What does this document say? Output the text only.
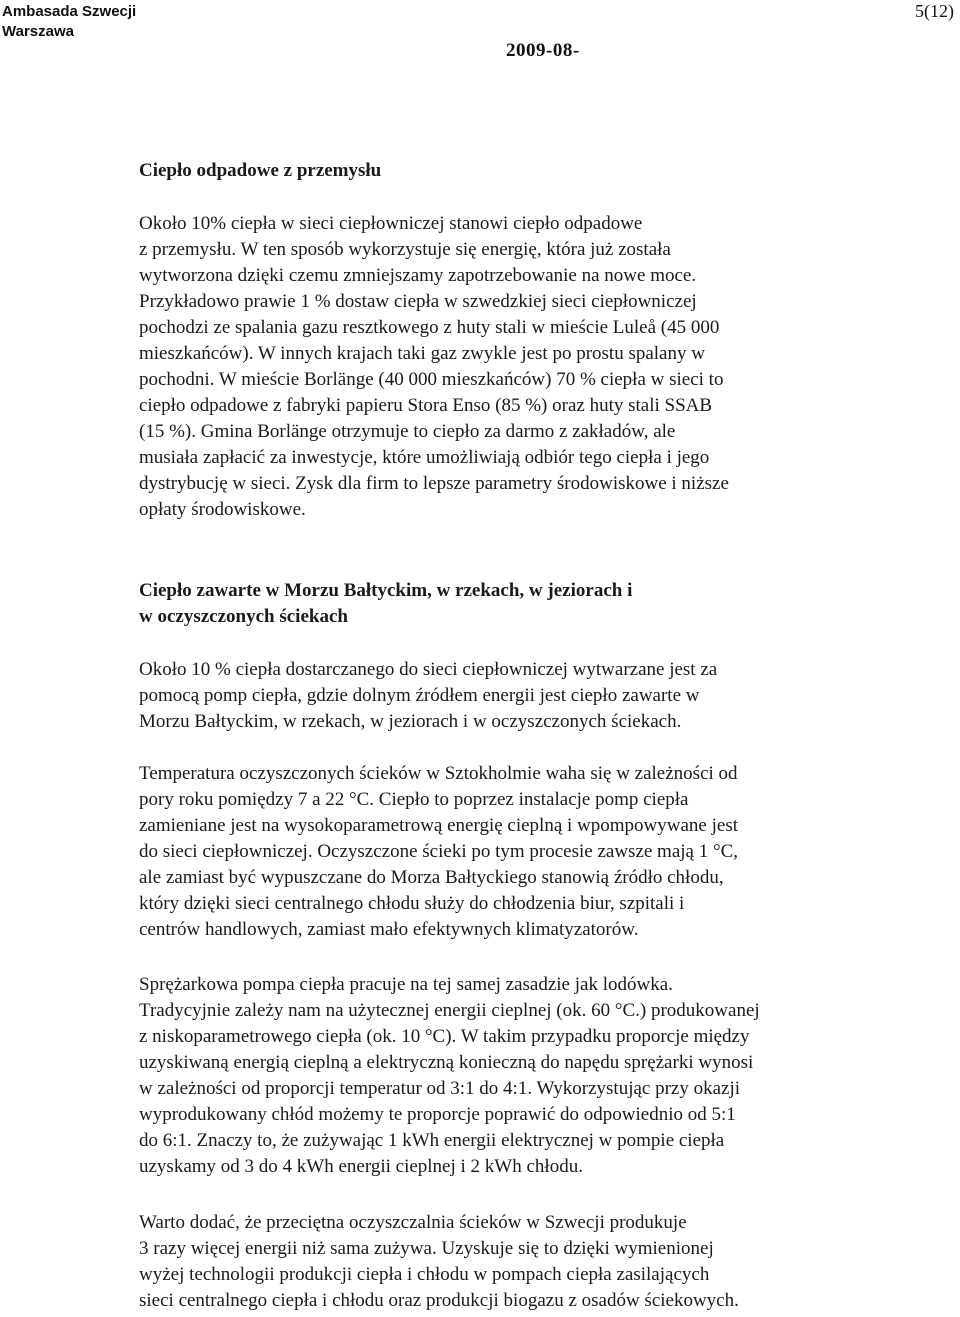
Ambasada Szwecji
Warszawa
5(12)
2009-08-
Ciepło odpadowe z przemysłu
Około 10% ciepła w sieci ciepłowniczej stanowi ciepło odpadowe
z przemysłu. W ten sposób wykorzystuje się energię, która już została
wytworzona dzięki czemu zmniejszamy zapotrzebowanie na nowe moce.
Przykładowo prawie 1 % dostaw ciepła w szwedzkiej sieci ciepłowniczej
pochodzi ze spalania gazu resztkowego z huty stali w mieście Luleå (45 000
mieszkańców). W innych krajach taki gaz zwykle jest po prostu spalany w
pochodni. W mieście Borlänge (40 000 mieszkańców) 70 % ciepła w sieci to
ciepło odpadowe z fabryki papieru Stora Enso (85 %) oraz huty stali SSAB
(15 %). Gmina Borlänge otrzymuje to ciepło za darmo z zakładów, ale
musiała zapłacić za inwestycje, które umożliwiają odbiór tego ciepła i jego
dystrybucję w sieci. Zysk dla firm to lepsze parametry środowiskowe i niższe
opłaty środowiskowe.
Ciepło zawarte w Morzu Bałtyckim, w rzekach, w jeziorach i
w oczyszczonych ściekach
Około 10 % ciepła dostarczanego do sieci ciepłowniczej wytwarzane jest za
pomocą pomp ciepła, gdzie dolnym źródłem energii jest ciepło zawarte w
Morzu Bałtyckim, w rzekach, w jeziorach i w oczyszczonych ściekach.
Temperatura oczyszczonych ścieków w Sztokholmie waha się w zależności od
pory roku pomiędzy 7 a 22 °C. Ciepło to poprzez instalacje pomp ciepła
zamieniane jest na wysokoparametrową energię cieplną i wpompowywane jest
do sieci ciepłowniczej. Oczyszczone ścieki po tym procesie zawsze mają 1 °C,
ale zamiast być wypuszczane do Morza Bałtyckiego stanowią źródło chłodu,
który dzięki sieci centralnego chłodu służy do chłodzenia biur, szpitali i
centrów handlowych, zamiast mało efektywnych klimatyzatorów.
Sprężarkowa pompa ciepła pracuje na tej samej zasadzie jak lodówka.
Tradycyjnie zależy nam na użytecznej energii cieplnej (ok. 60 °C.) produkowanej
z niskoparametrowego ciepła (ok. 10 °C). W takim przypadku proporcje między
uzyskiwaną energią cieplną a elektryczną konieczną do napędu sprężarki wynosi
w zależności od proporcji temperatur od 3:1 do 4:1. Wykorzystując przy okazji
wyprodukowany chłód możemy te proporcje poprawić do odpowiednio od 5:1
do 6:1. Znaczy to, że zużywając 1 kWh energii elektrycznej w pompie ciepła
uzyskamy od 3 do 4 kWh energii cieplnej i 2 kWh chłodu.
Warto dodać, że przeciętna oczyszczalnia ścieków w Szwecji produkuje
3 razy więcej energii niż sama zużywa. Uzyskuje się to dzięki wymienionej
wyżej technologii produkcji ciepła i chłodu w pompach ciepła zasilających
sieci centralnego ciepła i chłodu oraz produkcji biogazu z osadów ściekowych.
